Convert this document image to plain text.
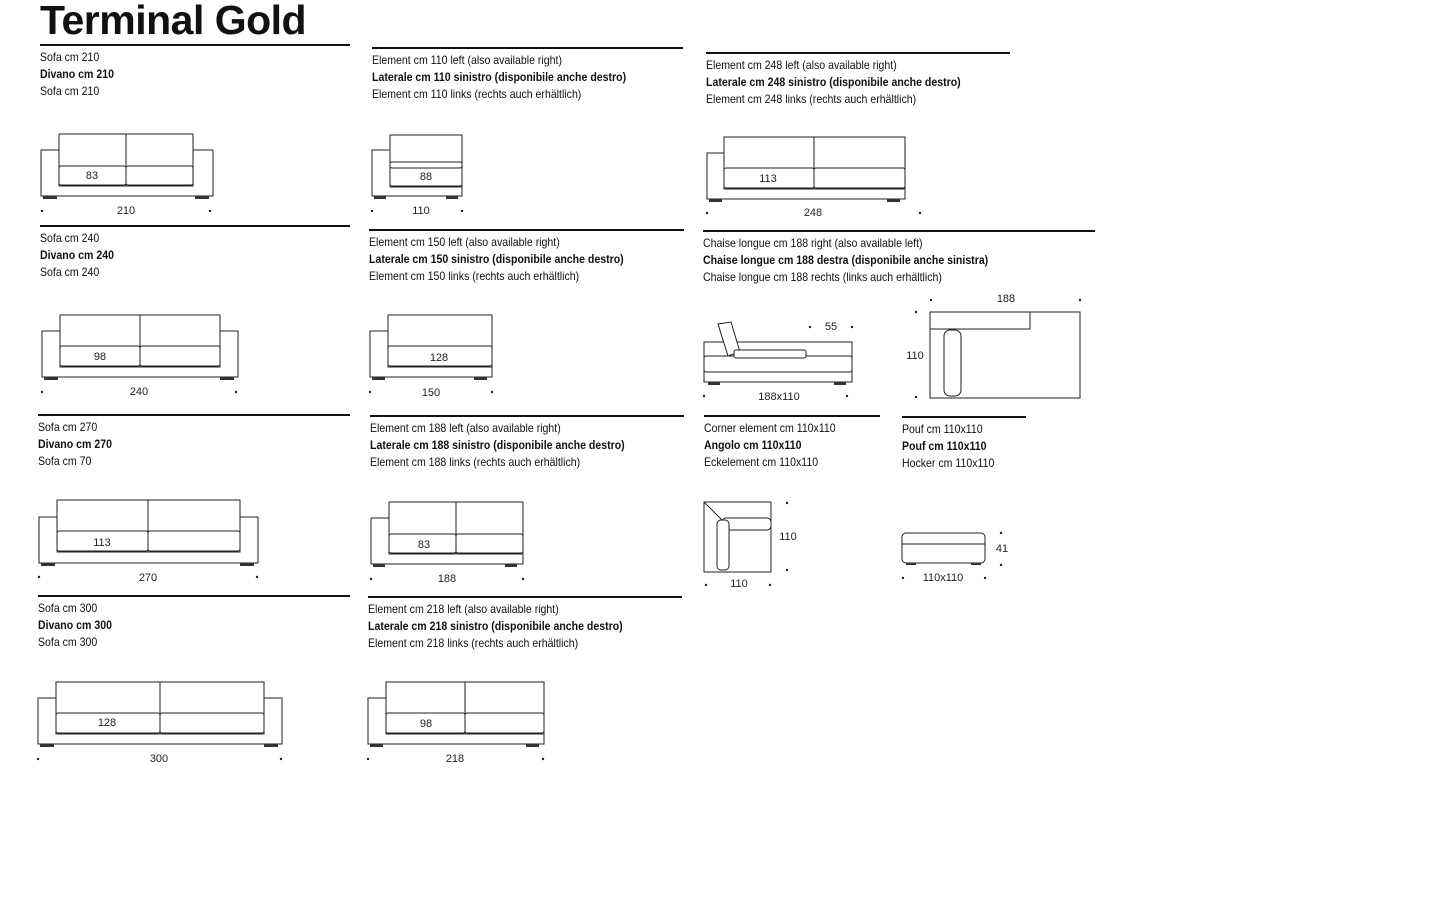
Terminal Gold
Sofa cm 210
Divano cm 210
Sofa cm 210
83
210
Element cm 110 left (also available right)
Laterale cm 110 sinistro (disponibile anche destro)
Element cm 110 links (rechts auch erhältlich)
88
110
Element cm 248 left (also available right)
Laterale cm 248 sinistro (disponibile anche destro)
Element cm 248 links (rechts auch erhältlich)
113
248
Sofa cm 240
Divano cm 240
Sofa cm 240
98
240
Element cm 150 left (also available right)
Laterale cm 150 sinistro (disponibile anche destro)
Element cm 150 links (rechts auch erhältlich)
128
150
Chaise longue cm 188 right (also available left)
Chaise longue cm 188 destra (disponibile anche sinistra)
Chaise longue cm 188 rechts (links auch erhältlich)
55
188x110
188
110
Sofa cm 270
Divano cm 270
Sofa cm 70
113
270
Element cm 188 left (also available right)
Laterale cm 188 sinistro (disponibile anche destro)
Element cm 188 links (rechts auch erhältlich)
83
188
Corner element cm 110x110
Angolo cm 110x110
Eckelement cm 110x110
110
110
Pouf cm 110x110
Pouf cm 110x110
Hocker cm 110x110
41
110x110
Sofa cm 300
Divano cm 300
Sofa cm 300
128
300
Element cm 218 left (also available right)
Laterale cm 218 sinistro (disponibile anche destro)
Element cm 218 links (rechts auch erhältlich)
98
218
